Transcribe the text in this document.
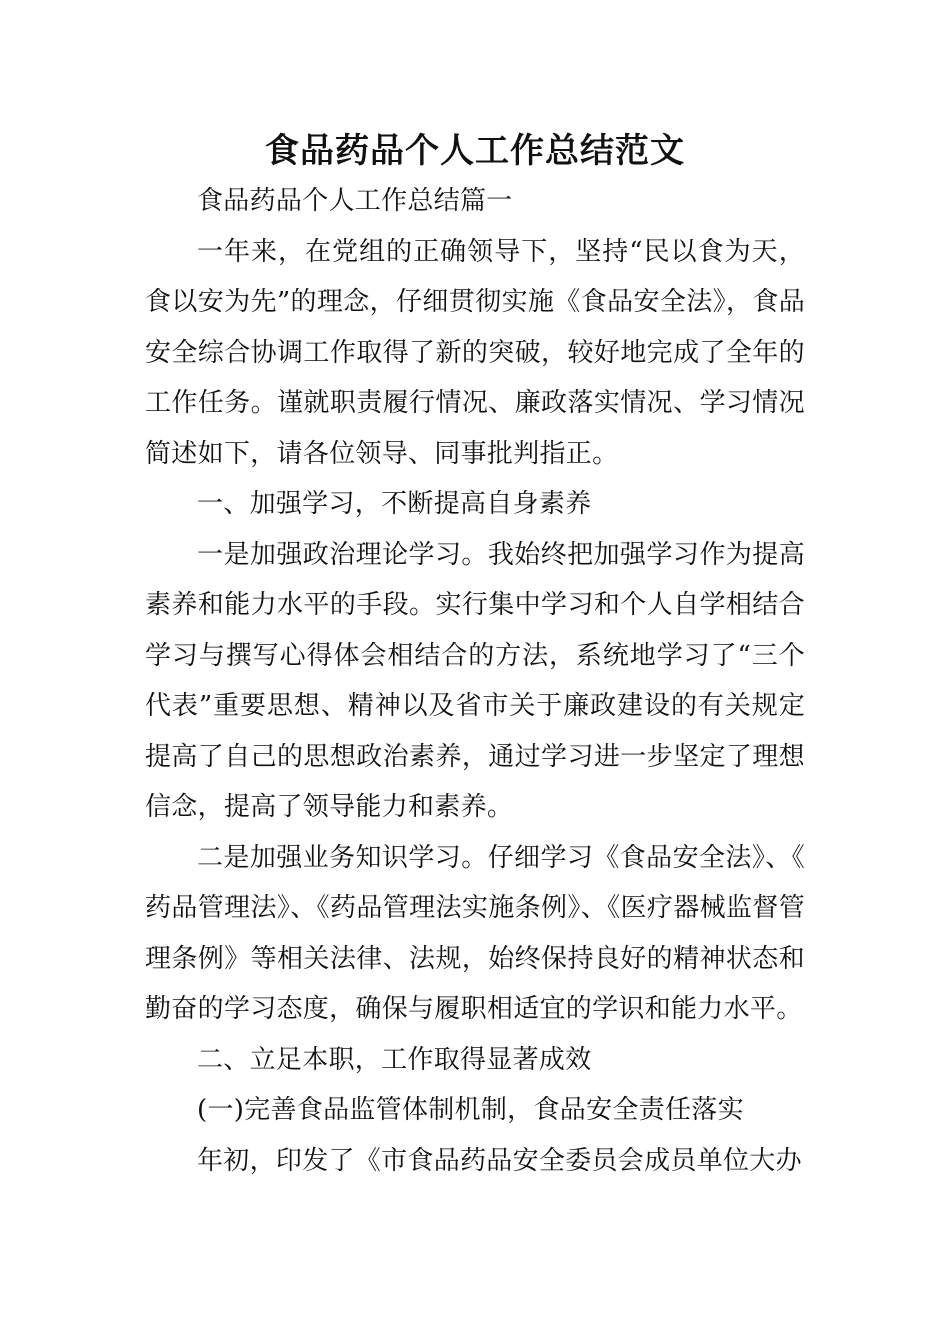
食品药品个人工作总结范文

食品药品个人工作总结篇一

一年来，在党组的正确领导下，坚持“民以食为天，食以安为先”的理念，仔细贯彻实施《食品安全法》，食品安全综合协调工作取得了新的突破，较好地完成了全年的工作任务。谨就职责履行情况、廉政落实情况、学习情况简述如下，请各位领导、同事批判指正。

一、加强学习，不断提高自身素养

一是加强政治理论学习。我始终把加强学习作为提高素养和能力水平的手段。实行集中学习和个人自学相结合学习与撰写心得体会相结合的方法，系统地学习了“三个代表”重要思想、精神以及省市关于廉政建设的有关规定提高了自己的思想政治素养，通过学习进一步坚定了理想信念，提高了领导能力和素养。

二是加强业务知识学习。仔细学习《食品安全法》、《药品管理法》、《药品管理法实施条例》、《医疗器械监督管理条例》等相关法律、法规，始终保持良好的精神状态和勤奋的学习态度，确保与履职相适宜的学识和能力水平。

二、立足本职，工作取得显著成效

(一)完善食品监管体制机制，食品安全责任落实

年初，印发了《市食品药品安全委员会成员单位大办
